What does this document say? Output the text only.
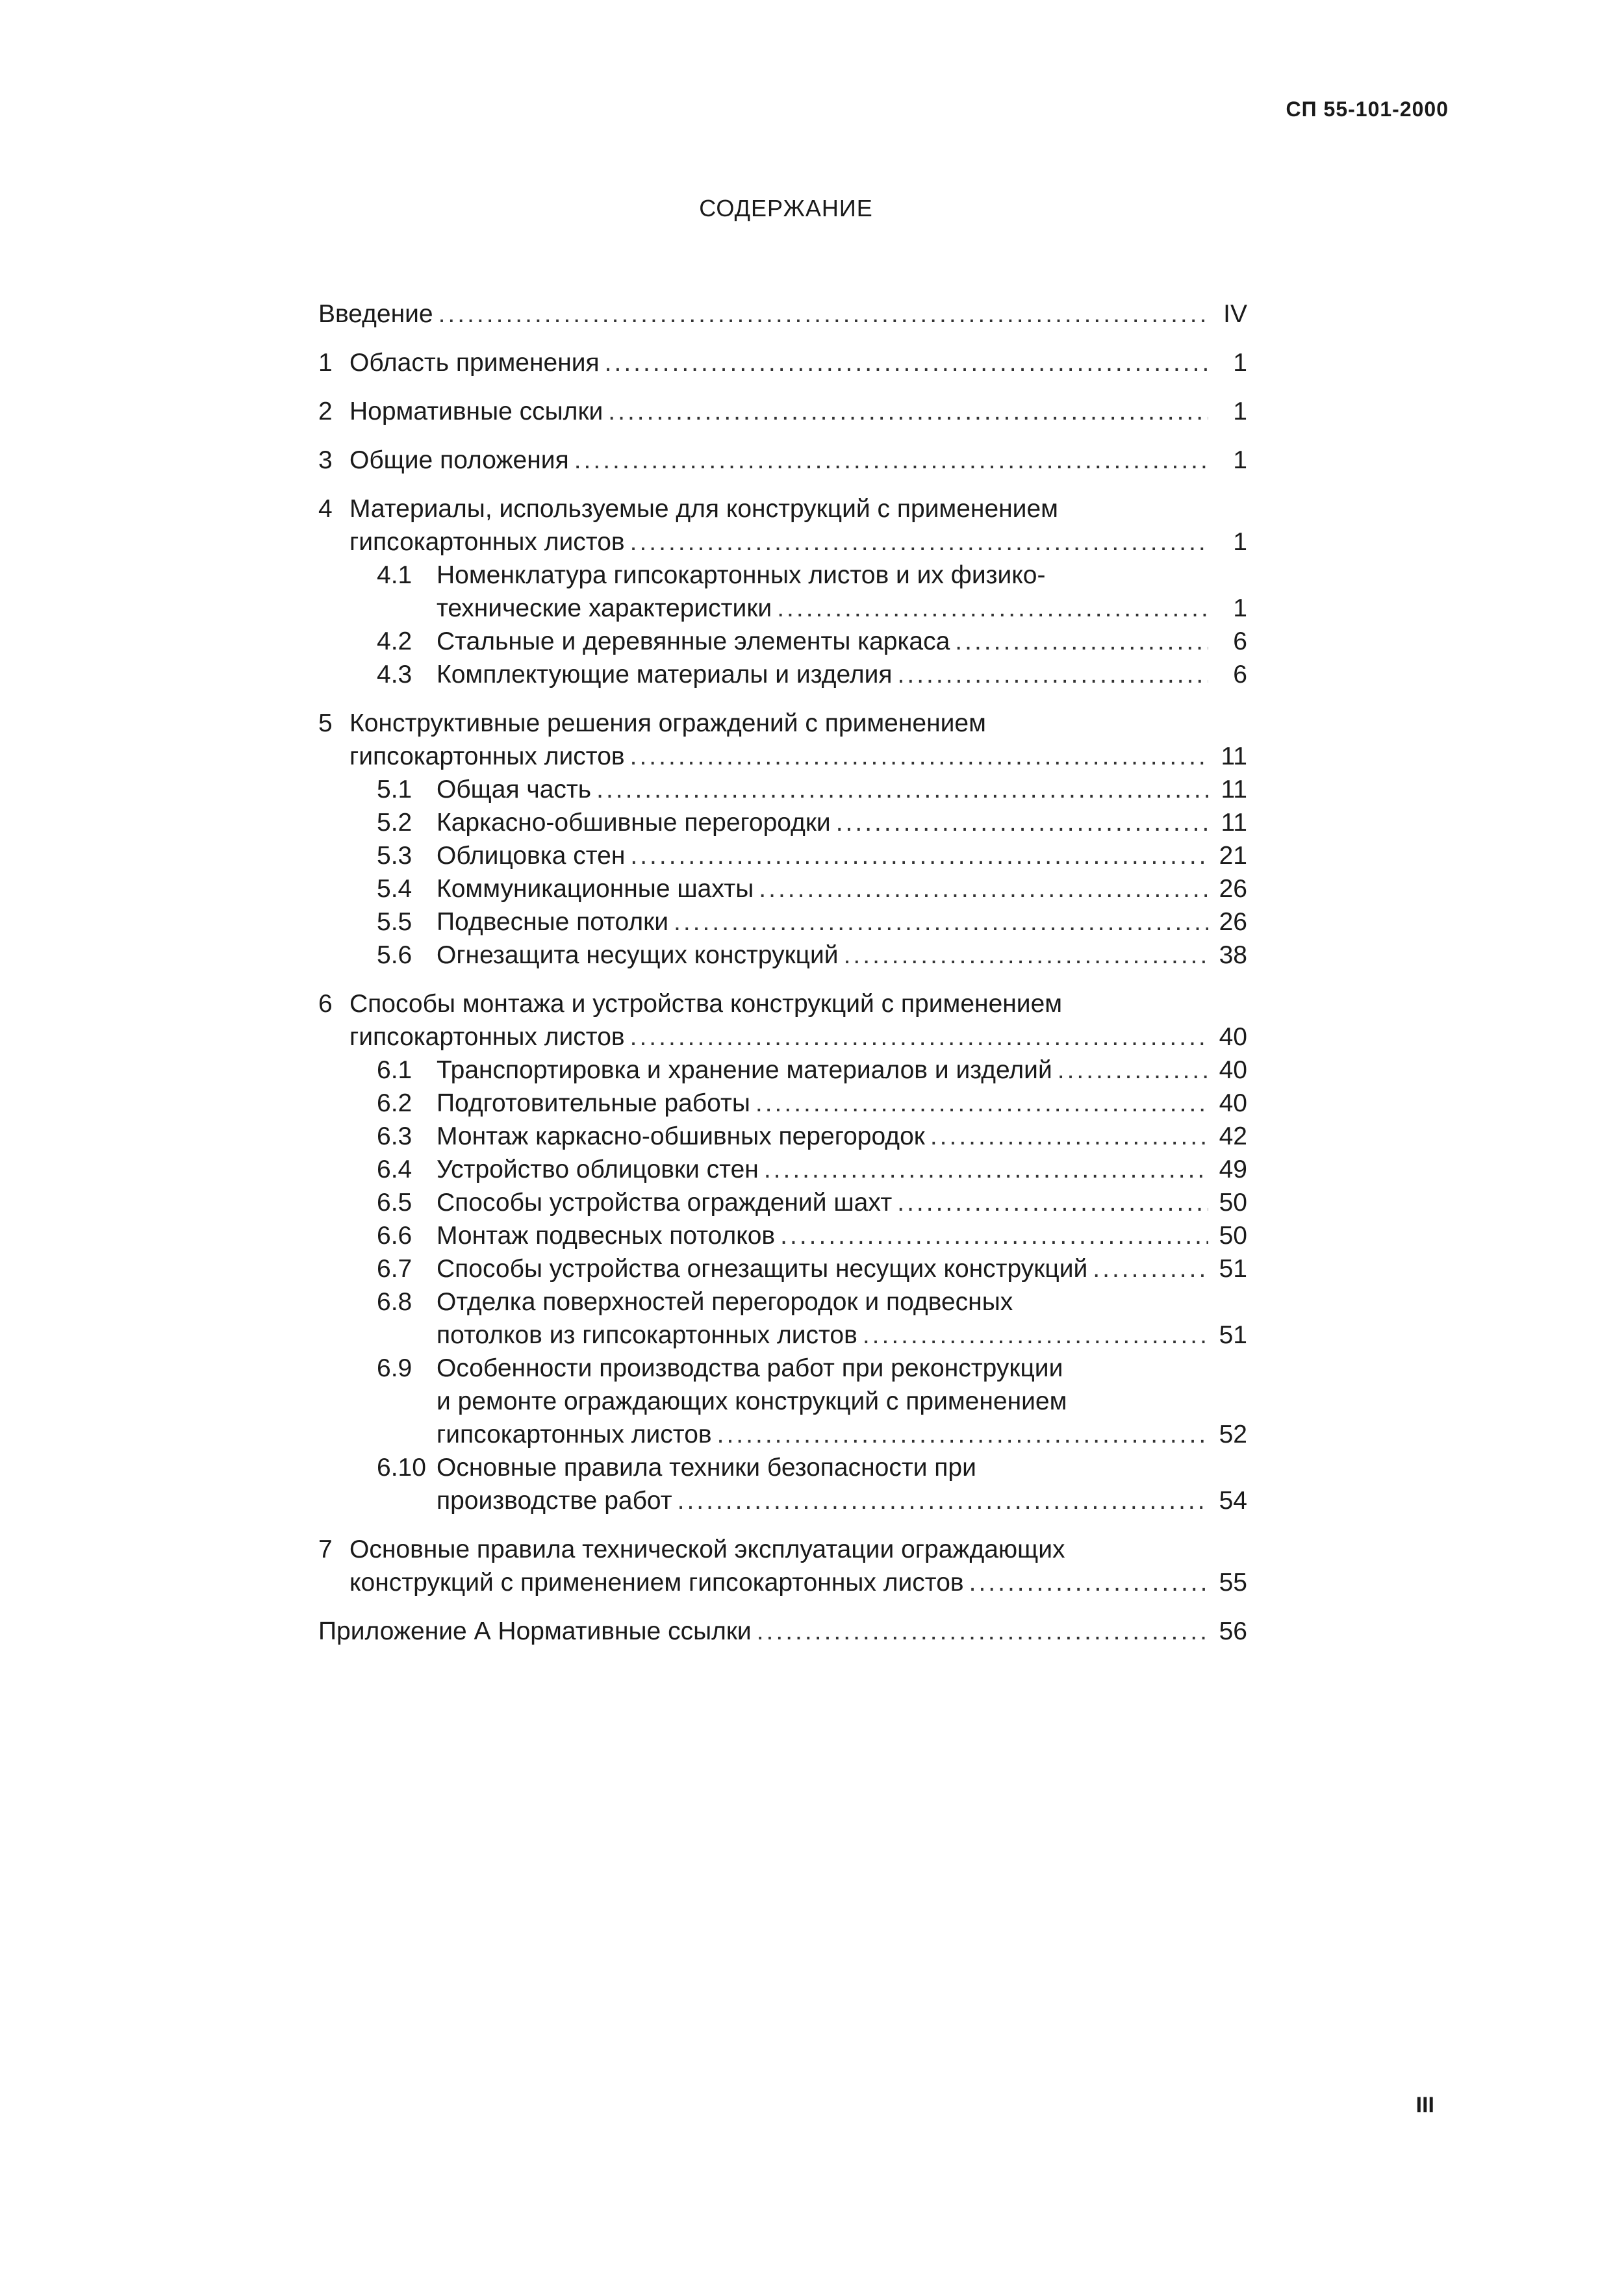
СП 55-101-2000
СОДЕРЖАНИЕ
Введение .....	IV
1 Область применения .....	1
2 Нормативные ссылки .....	1
3 Общие положения .....	1
4 Материалы, используемые для конструкций с применением
гипсокартонных листов .....	1
4.1 Номенклатура гипсокартонных листов и их физико-
технические характеристики .....	1
4.2 Стальные и деревянные элементы каркаса .....	6
4.3 Комплектующие материалы и изделия .....	6
5 Конструктивные решения ограждений с применением
гипсокартонных листов .....	11
5.1 Общая часть .....	11
5.2 Каркасно-обшивные перегородки .....	11
5.3 Облицовка стен .....	21
5.4 Коммуникационные шахты .....	26
5.5 Подвесные потолки .....	26
5.6 Огнезащита несущих конструкций .....	38
6 Способы монтажа и устройства конструкций с применением
гипсокартонных листов .....	40
6.1 Транспортировка и хранение материалов и изделий .....	40
6.2 Подготовительные работы .....	40
6.3 Монтаж каркасно-обшивных перегородок .....	42
6.4 Устройство облицовки стен .....	49
6.5 Способы устройства ограждений шахт .....	50
6.6 Монтаж подвесных потолков .....	50
6.7 Способы устройства огнезащиты несущих конструкций .....	51
6.8 Отделка поверхностей перегородок и подвесных
потолков из гипсокартонных листов .....	51
6.9 Особенности производства работ при реконструкции
и ремонте ограждающих конструкций с применением
гипсокартонных листов .....	52
6.10 Основные правила техники безопасности при
производстве работ .....	54
7 Основные правила технической эксплуатации ограждающих
конструкций с применением гипсокартонных листов .....	55
Приложение А Нормативные ссылки .....	56
III
